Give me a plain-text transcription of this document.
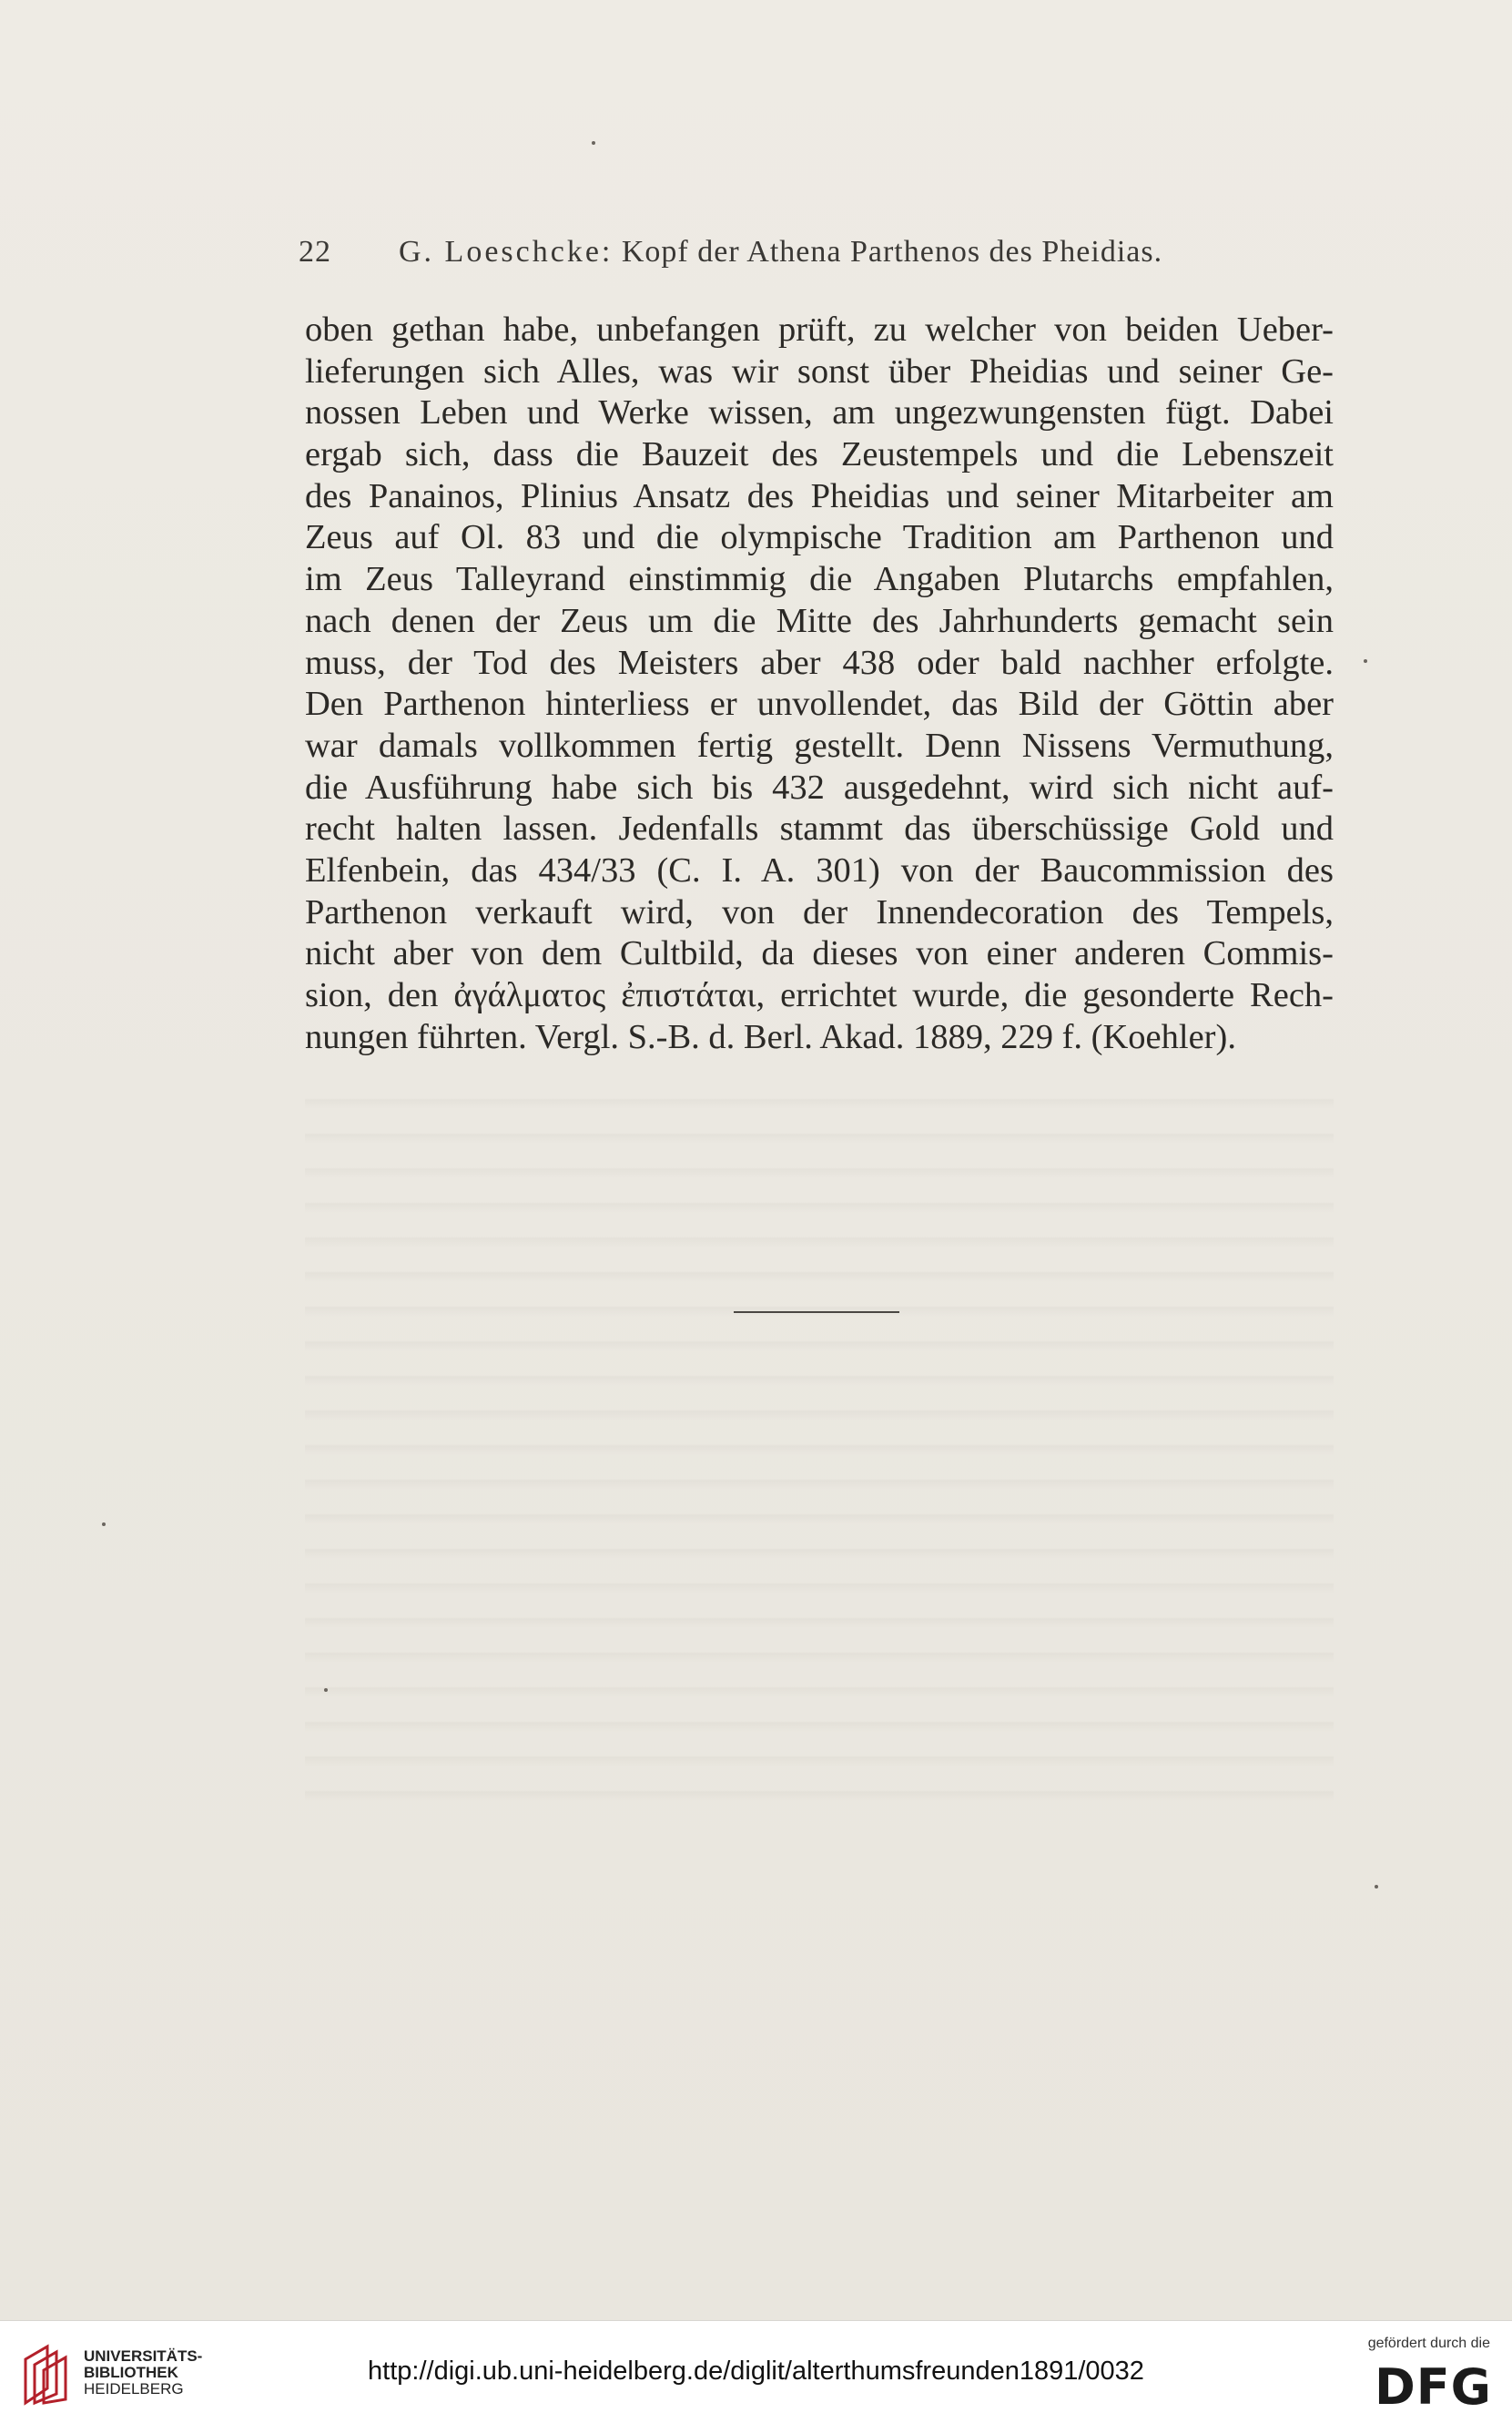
22 G. Loeschcke: Kopf der Athena Parthenos des Pheidias.
oben gethan habe, unbefangen prüft, zu welcher von beiden Ueber-
lieferungen sich Alles, was wir sonst über Pheidias und seiner Ge-
nossen Leben und Werke wissen, am ungezwungensten fügt. Dabei
ergab sich, dass die Bauzeit des Zeustempels und die Lebenszeit
des Panainos, Plinius Ansatz des Pheidias und seiner Mitarbeiter am
Zeus auf Ol. 83 und die olympische Tradition am Parthenon und
im Zeus Talleyrand einstimmig die Angaben Plutarchs empfahlen,
nach denen der Zeus um die Mitte des Jahrhunderts gemacht sein
muss, der Tod des Meisters aber 438 oder bald nachher erfolgte.
Den Parthenon hinterliess er unvollendet, das Bild der Göttin aber
war damals vollkommen fertig gestellt. Denn Nissens Vermuthung,
die Ausführung habe sich bis 432 ausgedehnt, wird sich nicht auf-
recht halten lassen. Jedenfalls stammt das überschüssige Gold und
Elfenbein, das 434/33 (C. I. A. 301) von der Baucommission des
Parthenon verkauft wird, von der Innendecoration des Tempels,
nicht aber von dem Cultbild, da dieses von einer anderen Commis-
sion, den ἀγάλματος ἐπιστάται, errichtet wurde, die gesonderte Rech-
nungen führten. Vergl. S.-B. d. Berl. Akad. 1889, 229 f. (Koehler).
UNIVERSITÄTS-
BIBLIOTHEK
HEIDELBERG
http://digi.ub.uni-heidelberg.de/diglit/alterthumsfreunden1891/0032
gefördert durch die
DFG
